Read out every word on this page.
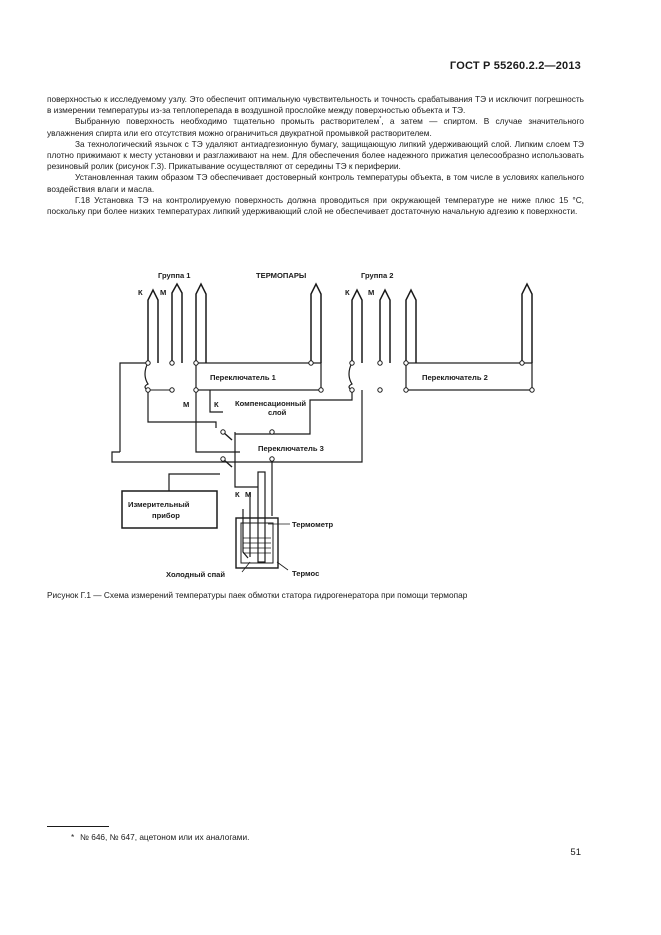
ГОСТ Р 55260.2.2—2013

поверхностью к исследуемому узлу. Это обеспечит оптимальную чувствительность и точность срабатывания ТЭ и исключит погрешность в измерении температуры из-за теплоперепада в воздушной прослойке между поверхностью объекта и ТЭ.

Выбранную поверхность необходимо тщательно промыть растворителем*, а затем — спиртом. В случае значительного увлажнения спирта или его отсутствия можно ограничиться двукратной промывкой растворителем.

За технологический язычок с ТЭ удаляют антиадгезионную бумагу, защищающую липкий удерживающий слой. Липким слоем ТЭ плотно прижимают к месту установки и разглаживают на нем. Для обеспечения более надежного прижатия целесообразно использовать резиновый ролик (рисунок Г.3). Прикатывание осуществляют от середины ТЭ к периферии.

Установленная таким образом ТЭ обеспечивает достоверный контроль температуры объекта, в том числе в условиях капельного воздействия влаги и масла.

Г.18 Установка ТЭ на контролируемую поверхность должна проводиться при окружающей температуре не ниже плюс 15 °С, поскольку при более низких температурах липкий удерживающий слой не обеспечивает достаточную начальную адгезию к поверхности.

Группа 1	ТЕРМОПАРЫ	Группа 2
К М	К М
Переключатель 1	Переключатель 2
М	К Компенсационный
слой
Переключатель 3
К М
Измерительный
прибор
Термометр
Холодный спай	Термос
Рисунок Г.1 — Схема измерений температуры паек обмотки статора гидрогенератора при помощи термопар
* № 646, № 647, ацетоном или их аналогами.
51
